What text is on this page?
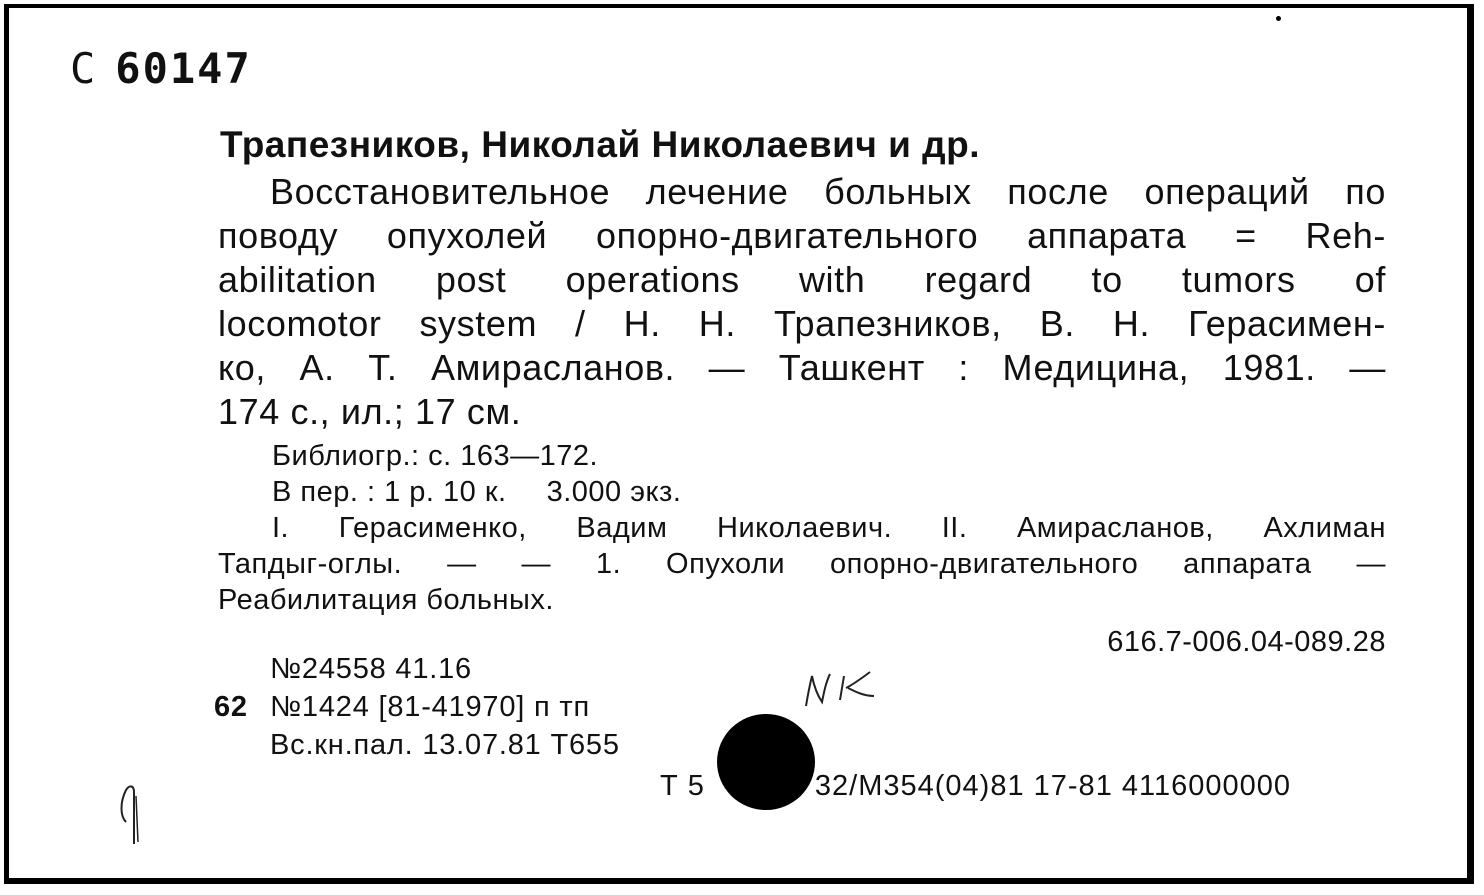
С 60147
Трапезников, Николай Николаевич и др.
Восстановительное лечение больных после операций по
поводу опухолей опорно-двигательного аппарата = Reh-
abilitation post operations with regard to tumors of
locomotor system / Н. Н. Трапезников, В. Н. Герасимен-
ко, А. Т. Амирасланов. — Ташкент : Медицина, 1981. —
174 с., ил.; 17 см.
Библиогр.: с. 163—172.
В пер. : 1 р. 10 к. 3.000 экз.
I. Герасименко, Вадим Николаевич. II. Амирасланов, Ахлиман
Тапдыг-оглы. — — 1. Опухоли опорно-двигательного аппарата —
Реабилитация больных.
616.7-006.04-089.28
№24558 41.16
62 №1424 [81-41970] п тп
Вс.кн.пал. 13.07.81 Т655
Т 5	32/М354(04)81 17-81 4116000000
